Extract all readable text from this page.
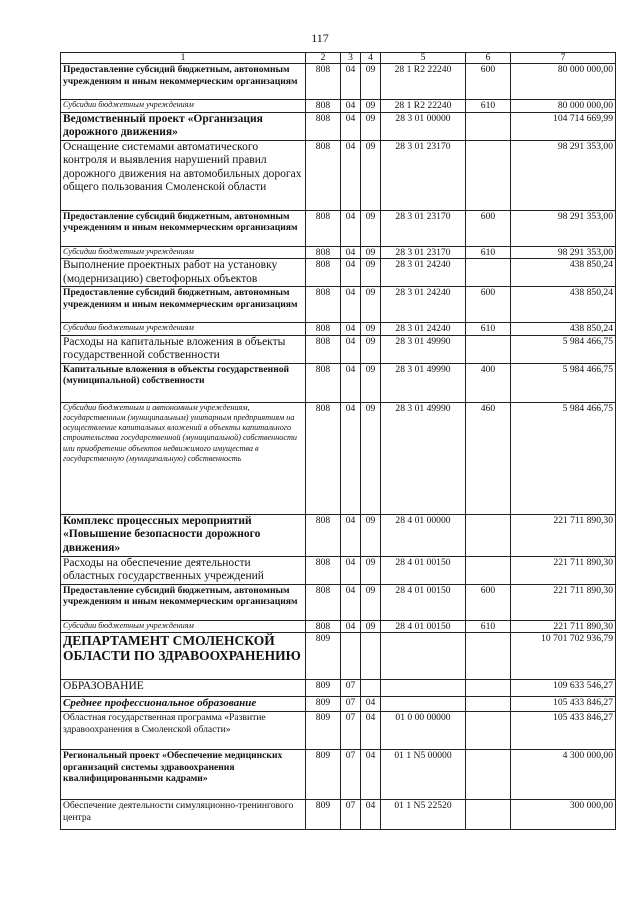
117
1	2	3	4	5	6	7
Предоставление субсидий бюджетным, автономным учреждениям и иным некоммерческим организациям	808	04	09	28 1 R2 22240	600	80 000 000,00
Субсидии бюджетным учреждениям	808	04	09	28 1 R2 22240	610	80 000 000,00
Ведомственный проект «Организация дорожного движения»	808	04	09	28 3 01 00000		104 714 669,99
Оснащение системами автоматического контроля и выявления нарушений правил дорожного движения на автомобильных дорогах общего пользования Смоленской области	808	04	09	28 3 01 23170		98 291 353,00
Предоставление субсидий бюджетным, автономным учреждениям и иным некоммерческим организациям	808	04	09	28 3 01 23170	600	98 291 353,00
Субсидии бюджетным учреждениям	808	04	09	28 3 01 23170	610	98 291 353,00
Выполнение проектных работ на установку (модернизацию) светофорных объектов	808	04	09	28 3 01 24240		438 850,24
Предоставление субсидий бюджетным, автономным учреждениям и иным некоммерческим организациям	808	04	09	28 3 01 24240	600	438 850,24
Субсидии бюджетным учреждениям	808	04	09	28 3 01 24240	610	438 850,24
Расходы на капитальные вложения в объекты государственной собственности	808	04	09	28 3 01 49990		5 984 466,75
Капитальные вложения в объекты государственной (муниципальной) собственности	808	04	09	28 3 01 49990	400	5 984 466,75
Субсидии бюджетным и автономным учреждениям, государственным (муниципальным) унитарным предприятиям на осуществление капитальных вложений в объекты капитального строительства государственной (муниципальной) собственности или приобретение объектов недвижимого имущества в государственную (муниципальную) собственность	808	04	09	28 3 01 49990	460	5 984 466,75
Комплекс процессных мероприятий «Повышение безопасности дорожного движения»	808	04	09	28 4 01 00000		221 711 890,30
Расходы на обеспечение деятельности областных государственных учреждений	808	04	09	28 4 01 00150		221 711 890,30
Предоставление субсидий бюджетным, автономным учреждениям и иным некоммерческим организациям	808	04	09	28 4 01 00150	600	221 711 890,30
Субсидии бюджетным учреждениям	808	04	09	28 4 01 00150	610	221 711 890,30
ДЕПАРТАМЕНТ СМОЛЕНСКОЙ ОБЛАСТИ ПО ЗДРАВООХРАНЕНИЮ	809					10 701 702 936,79
ОБРАЗОВАНИЕ	809	07				109 633 546,27
Среднее профессиональное образование	809	07	04			105 433 846,27
Областная государственная программа «Развитие здравоохранения в Смоленской области»	809	07	04	01 0 00 00000		105 433 846,27
Региональный проект «Обеспечение медицинских организаций системы здравоохранения квалифицированными кадрами»	809	07	04	01 1 N5 00000		4 300 000,00
Обеспечение деятельности симуляционно-тренингового центра	809	07	04	01 1 N5 22520		300 000,00
